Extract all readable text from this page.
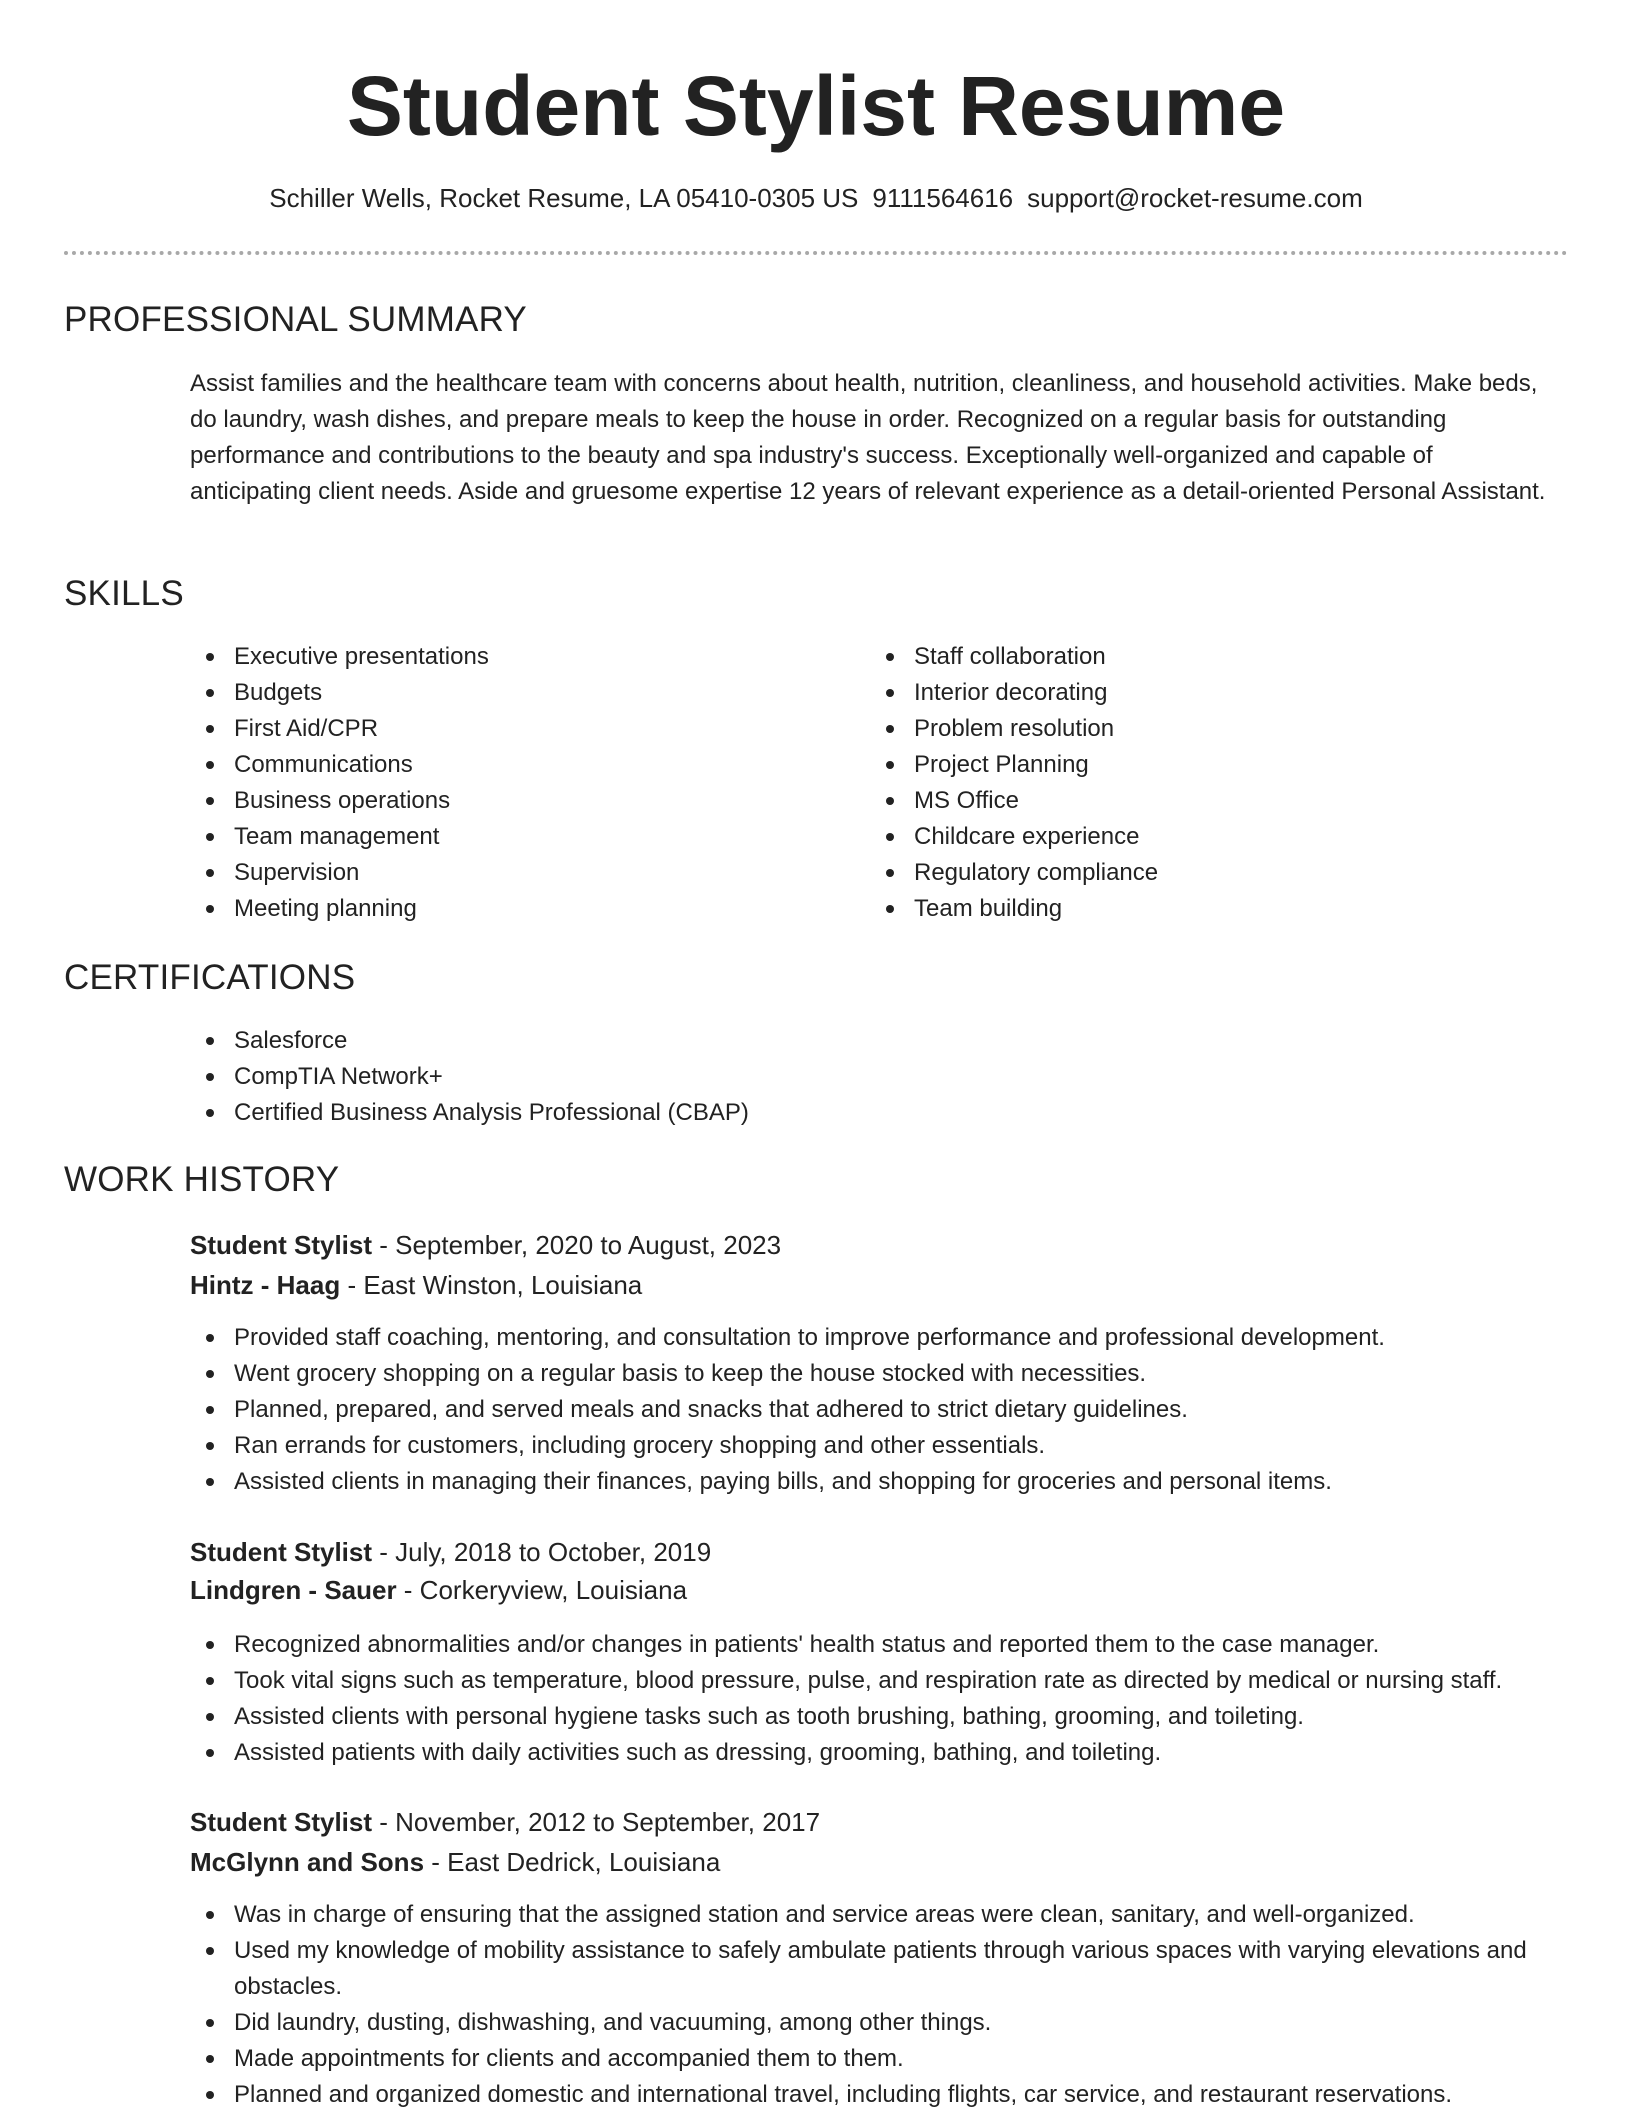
Student Stylist Resume
Schiller Wells, Rocket Resume, LA 05410-0305 US 9111564616 support@rocket-resume.com
PROFESSIONAL SUMMARY

Assist families and the healthcare team with concerns about health, nutrition, cleanliness, and household activities. Make beds, do laundry, wash dishes, and prepare meals to keep the house in order. Recognized on a regular basis for outstanding performance and contributions to the beauty and spa industry's success. Exceptionally well-organized and capable of anticipating client needs. Aside and gruesome expertise 12 years of relevant experience as a detail-oriented Personal Assistant.

SKILLS
Executive presentations
Budgets
First Aid/CPR
Communications
Business operations
Team management
Supervision
Meeting planning
Staff collaboration
Interior decorating
Problem resolution
Project Planning
MS Office
Childcare experience
Regulatory compliance
Team building
CERTIFICATIONS
Salesforce
CompTIA Network+
Certified Business Analysis Professional (CBAP)
WORK HISTORY
Student Stylist - September, 2020 to August, 2023
Hintz - Haag - East Winston, Louisiana
Provided staff coaching, mentoring, and consultation to improve performance and professional development.
Went grocery shopping on a regular basis to keep the house stocked with necessities.
Planned, prepared, and served meals and snacks that adhered to strict dietary guidelines.
Ran errands for customers, including grocery shopping and other essentials.
Assisted clients in managing their finances, paying bills, and shopping for groceries and personal items.
Student Stylist - July, 2018 to October, 2019
Lindgren - Sauer - Corkeryview, Louisiana
Recognized abnormalities and/or changes in patients' health status and reported them to the case manager.
Took vital signs such as temperature, blood pressure, pulse, and respiration rate as directed by medical or nursing staff.
Assisted clients with personal hygiene tasks such as tooth brushing, bathing, grooming, and toileting.
Assisted patients with daily activities such as dressing, grooming, bathing, and toileting.
Student Stylist - November, 2012 to September, 2017
McGlynn and Sons - East Dedrick, Louisiana
Was in charge of ensuring that the assigned station and service areas were clean, sanitary, and well-organized.
Used my knowledge of mobility assistance to safely ambulate patients through various spaces with varying elevations and obstacles.
Did laundry, dusting, dishwashing, and vacuuming, among other things.
Made appointments for clients and accompanied them to them.
Planned and organized domestic and international travel, including flights, car service, and restaurant reservations.
